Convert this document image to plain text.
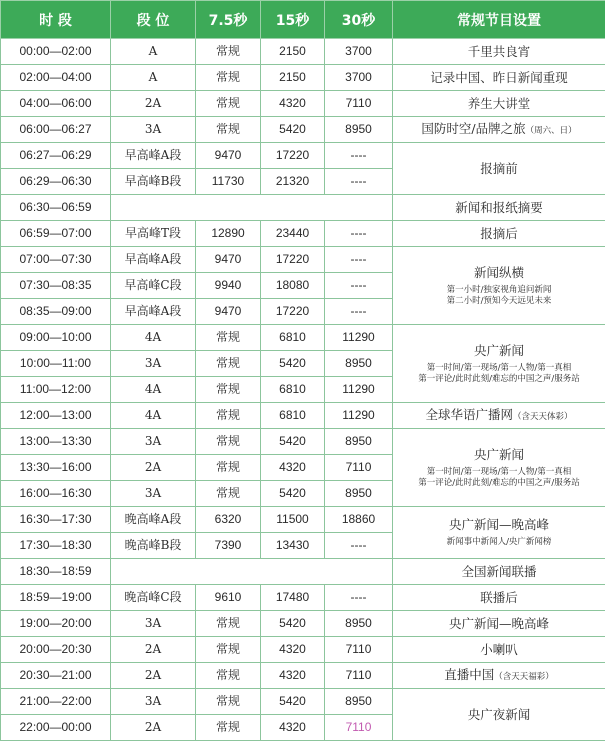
时 段	段 位	7.5秒	15秒	30秒	常规节目设置
00:00—02:00	A	常规	2150	3700	千里共良宵
02:00—04:00	A	常规	2150	3700	记录中国、昨日新闻重现
04:00—06:00	2A	常规	4320	7110	养生大讲堂
06:00—06:27	3A	常规	5420	8950	国防时空/品牌之旅（周六、日）
06:27—06:29	早高峰A段	9470	17220	----	报摘前
06:29—06:30	早高峰B段	11730	21320	----	
06:30—06:59					新闻和报纸摘要
06:59—07:00	早高峰T段	12890	23440	----	报摘后
07:00—07:30	早高峰A段	9470	17220	----	新闻纵横
第一小时/独家视角追问新闻
第二小时/预知今天远见未来

07:30—08:35	早高峰C段	9940	18080	----	
08:35—09:00	早高峰A段	9470	17220	----	
09:00—10:00	4A	常规	6810	11290	央广新闻
第一时间/第一现场/第一人物/第一真相
第一评论/此时此刻/难忘的中国之声/服务站

10:00—11:00	3A	常规	5420	8950	
11:00—12:00	4A	常规	6810	11290	
12:00—13:00	4A	常规	6810	11290	全球华语广播网（含天天体彩）
13:00—13:30	3A	常规	5420	8950	央广新闻
第一时间/第一现场/第一人物/第一真相
第一评论/此时此刻/难忘的中国之声/服务站

13:30—16:00	2A	常规	4320	7110	
16:00—16:30	3A	常规	5420	8950	
16:30—17:30	晚高峰A段	6320	11500	18860	央广新闻—晚高峰
新闻事中新闻人/央广新闻榜

17:30—18:30	晚高峰B段	7390	13430	----	
18:30—18:59					全国新闻联播
18:59—19:00	晚高峰C段	9610	17480	----	联播后
19:00—20:00	3A	常规	5420	8950	央广新闻—晚高峰
20:00—20:30	2A	常规	4320	7110	小喇叭
20:30—21:00	2A	常规	4320	7110	直播中国（含天天福彩）
21:00—22:00	3A	常规	5420	8950	央广夜新闻
22:00—00:00	2A	常规	4320	7110	
